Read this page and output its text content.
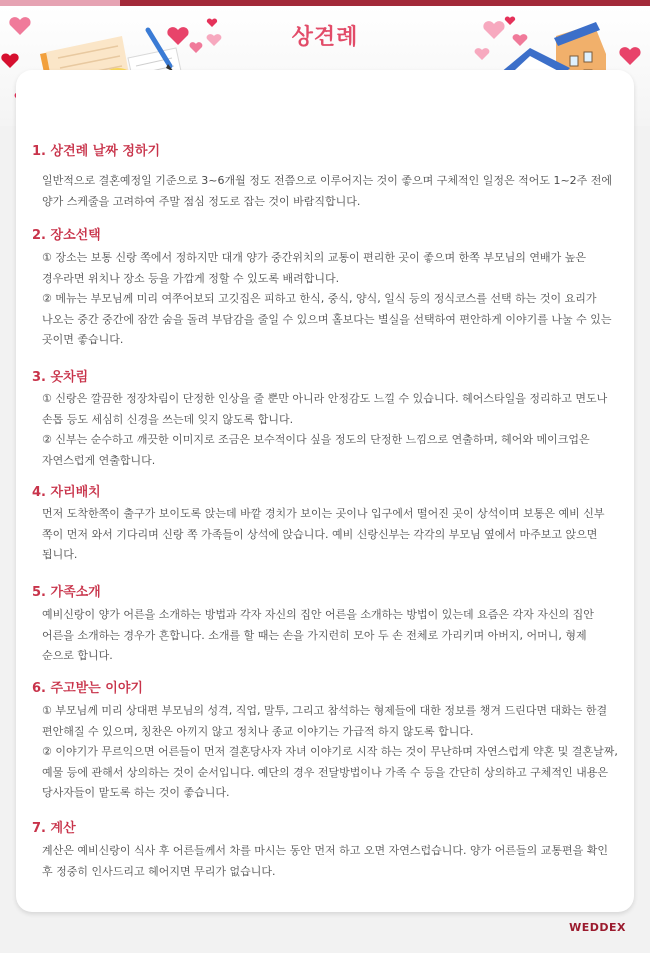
상견례
1. 상견례 날짜 정하기

일반적으로 결혼예정일 기준으로 3~6개월 정도 전쯤으로 이루어지는 것이 좋으며 구체적인 일정은 적어도 1~2주 전에 양가 스케줄을 고려하여 주말 점심 정도로 잡는 것이 바람직합니다.

2. 장소선택

① 장소는 보통 신랑 쪽에서 정하지만 대개 양가 중간위치의 교통이 편리한 곳이 좋으며 한쪽 부모님의 연배가 높은 경우라면 위치나 장소 등을 가깝게 정할 수 있도록 배려합니다.

② 메뉴는 부모님께 미리 여쭈어보되 고깃집은 피하고 한식, 중식, 양식, 일식 등의 정식코스를 선택 하는 것이 요리가 나오는 중간 중간에 잠깐 숨을 돌려 부담감을 줄일 수 있으며 홀보다는 별실을 선택하여 편안하게 이야기를 나눌 수 있는 곳이면 좋습니다.

3. 옷차림

① 신랑은 깔끔한 정장차림이 단정한 인상을 줄 뿐만 아니라 안정감도 느낄 수 있습니다. 헤어스타일을 정리하고 면도나 손톱 등도 세심히 신경을 쓰는데 잊지 않도록 합니다.

② 신부는 순수하고 깨끗한 이미지로 조금은 보수적이다 싶을 정도의 단정한 느낌으로 연출하며, 헤어와 메이크업은 자연스럽게 연출합니다.

4. 자리배치

먼저 도착한쪽이 출구가 보이도록 앉는데 바깥 경치가 보이는 곳이나 입구에서 떨어진 곳이 상석이며 보통은 예비 신부 쪽이 먼저 와서 기다리며 신랑 쪽 가족들이 상석에 앉습니다. 예비 신랑신부는 각각의 부모님 옆에서 마주보고 앉으면 됩니다.

5. 가족소개

예비신랑이 양가 어른을 소개하는 방법과 각자 자신의 집안 어른을 소개하는 방법이 있는데 요즘은 각자 자신의 집안 어른을 소개하는 경우가 흔합니다. 소개를 할 때는 손을 가지런히 모아 두 손 전체로 가리키며 아버지, 어머니, 형제 순으로 합니다.

6. 주고받는 이야기

① 부모님께 미리 상대편 부모님의 성격, 직업, 말투, 그리고 참석하는 형제들에 대한 정보를 챙겨 드린다면 대화는 한결 편안해질 수 있으며, 칭찬은 아끼지 않고 정치나 종교 이야기는 가급적 하지 않도록 합니다.

② 이야기가 무르익으면 어른들이 먼저 결혼당사자 자녀 이야기로 시작 하는 것이 무난하며 자연스럽게 약혼 및 결혼날짜, 예물 등에 관해서 상의하는 것이 순서입니다. 예단의 경우 전달방법이나 가족 수 등을 간단히 상의하고 구체적인 내용은 당사자들이 맡도록 하는 것이 좋습니다.

7. 계산

계산은 예비신랑이 식사 후 어른들께서 차를 마시는 동안 먼저 하고 오면 자연스럽습니다. 양가 어른들의 교통편을 확인 후 정중히 인사드리고 헤어지면 무리가 없습니다.

WEDDEX
